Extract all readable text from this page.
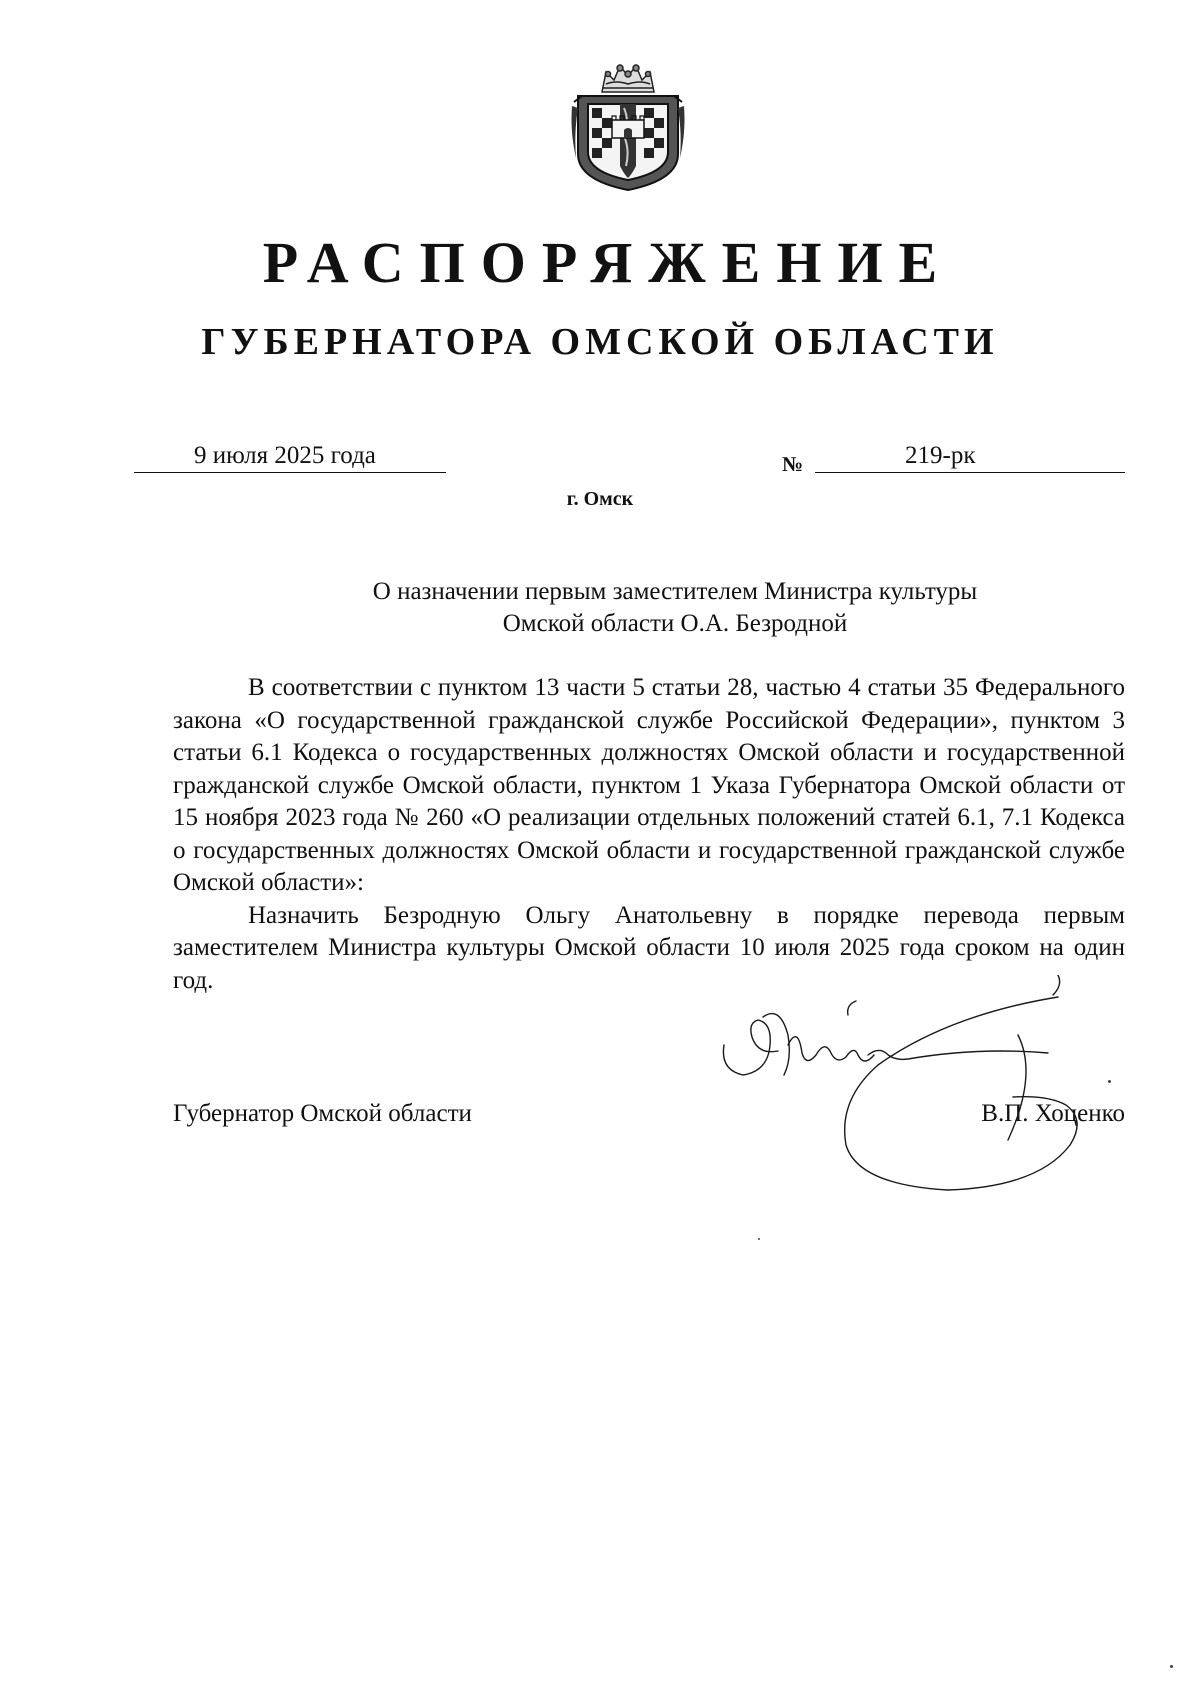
РАСПОРЯЖЕНИЕ
ГУБЕРНАТОРА ОМСКОЙ ОБЛАСТИ
9 июля 2025 года	№	219-рк
г. Омск
О назначении первым заместителем Министра культуры
Омской области О.А. Безродной

В соответствии с пунктом 13 части 5 статьи 28, частью 4 статьи 35 Федерального закона «О государственной гражданской службе Российской Федерации», пунктом 3 статьи 6.1 Кодекса о государственных должностях Омской области и государственной гражданской службе Омской области, пунктом 1 Указа Губернатора Омской области от 15 ноября 2023 года № 260 «О реализации отдельных положений статей 6.1, 7.1 Кодекса о государственных должностях Омской области и государственной гражданской службе Омской области»:

Назначить Безродную Ольгу Анатольевну в порядке перевода первым заместителем Министра культуры Омской области 10 июля 2025 года сроком на один год.

Губернатор Омской области	В.П. Хоценко
